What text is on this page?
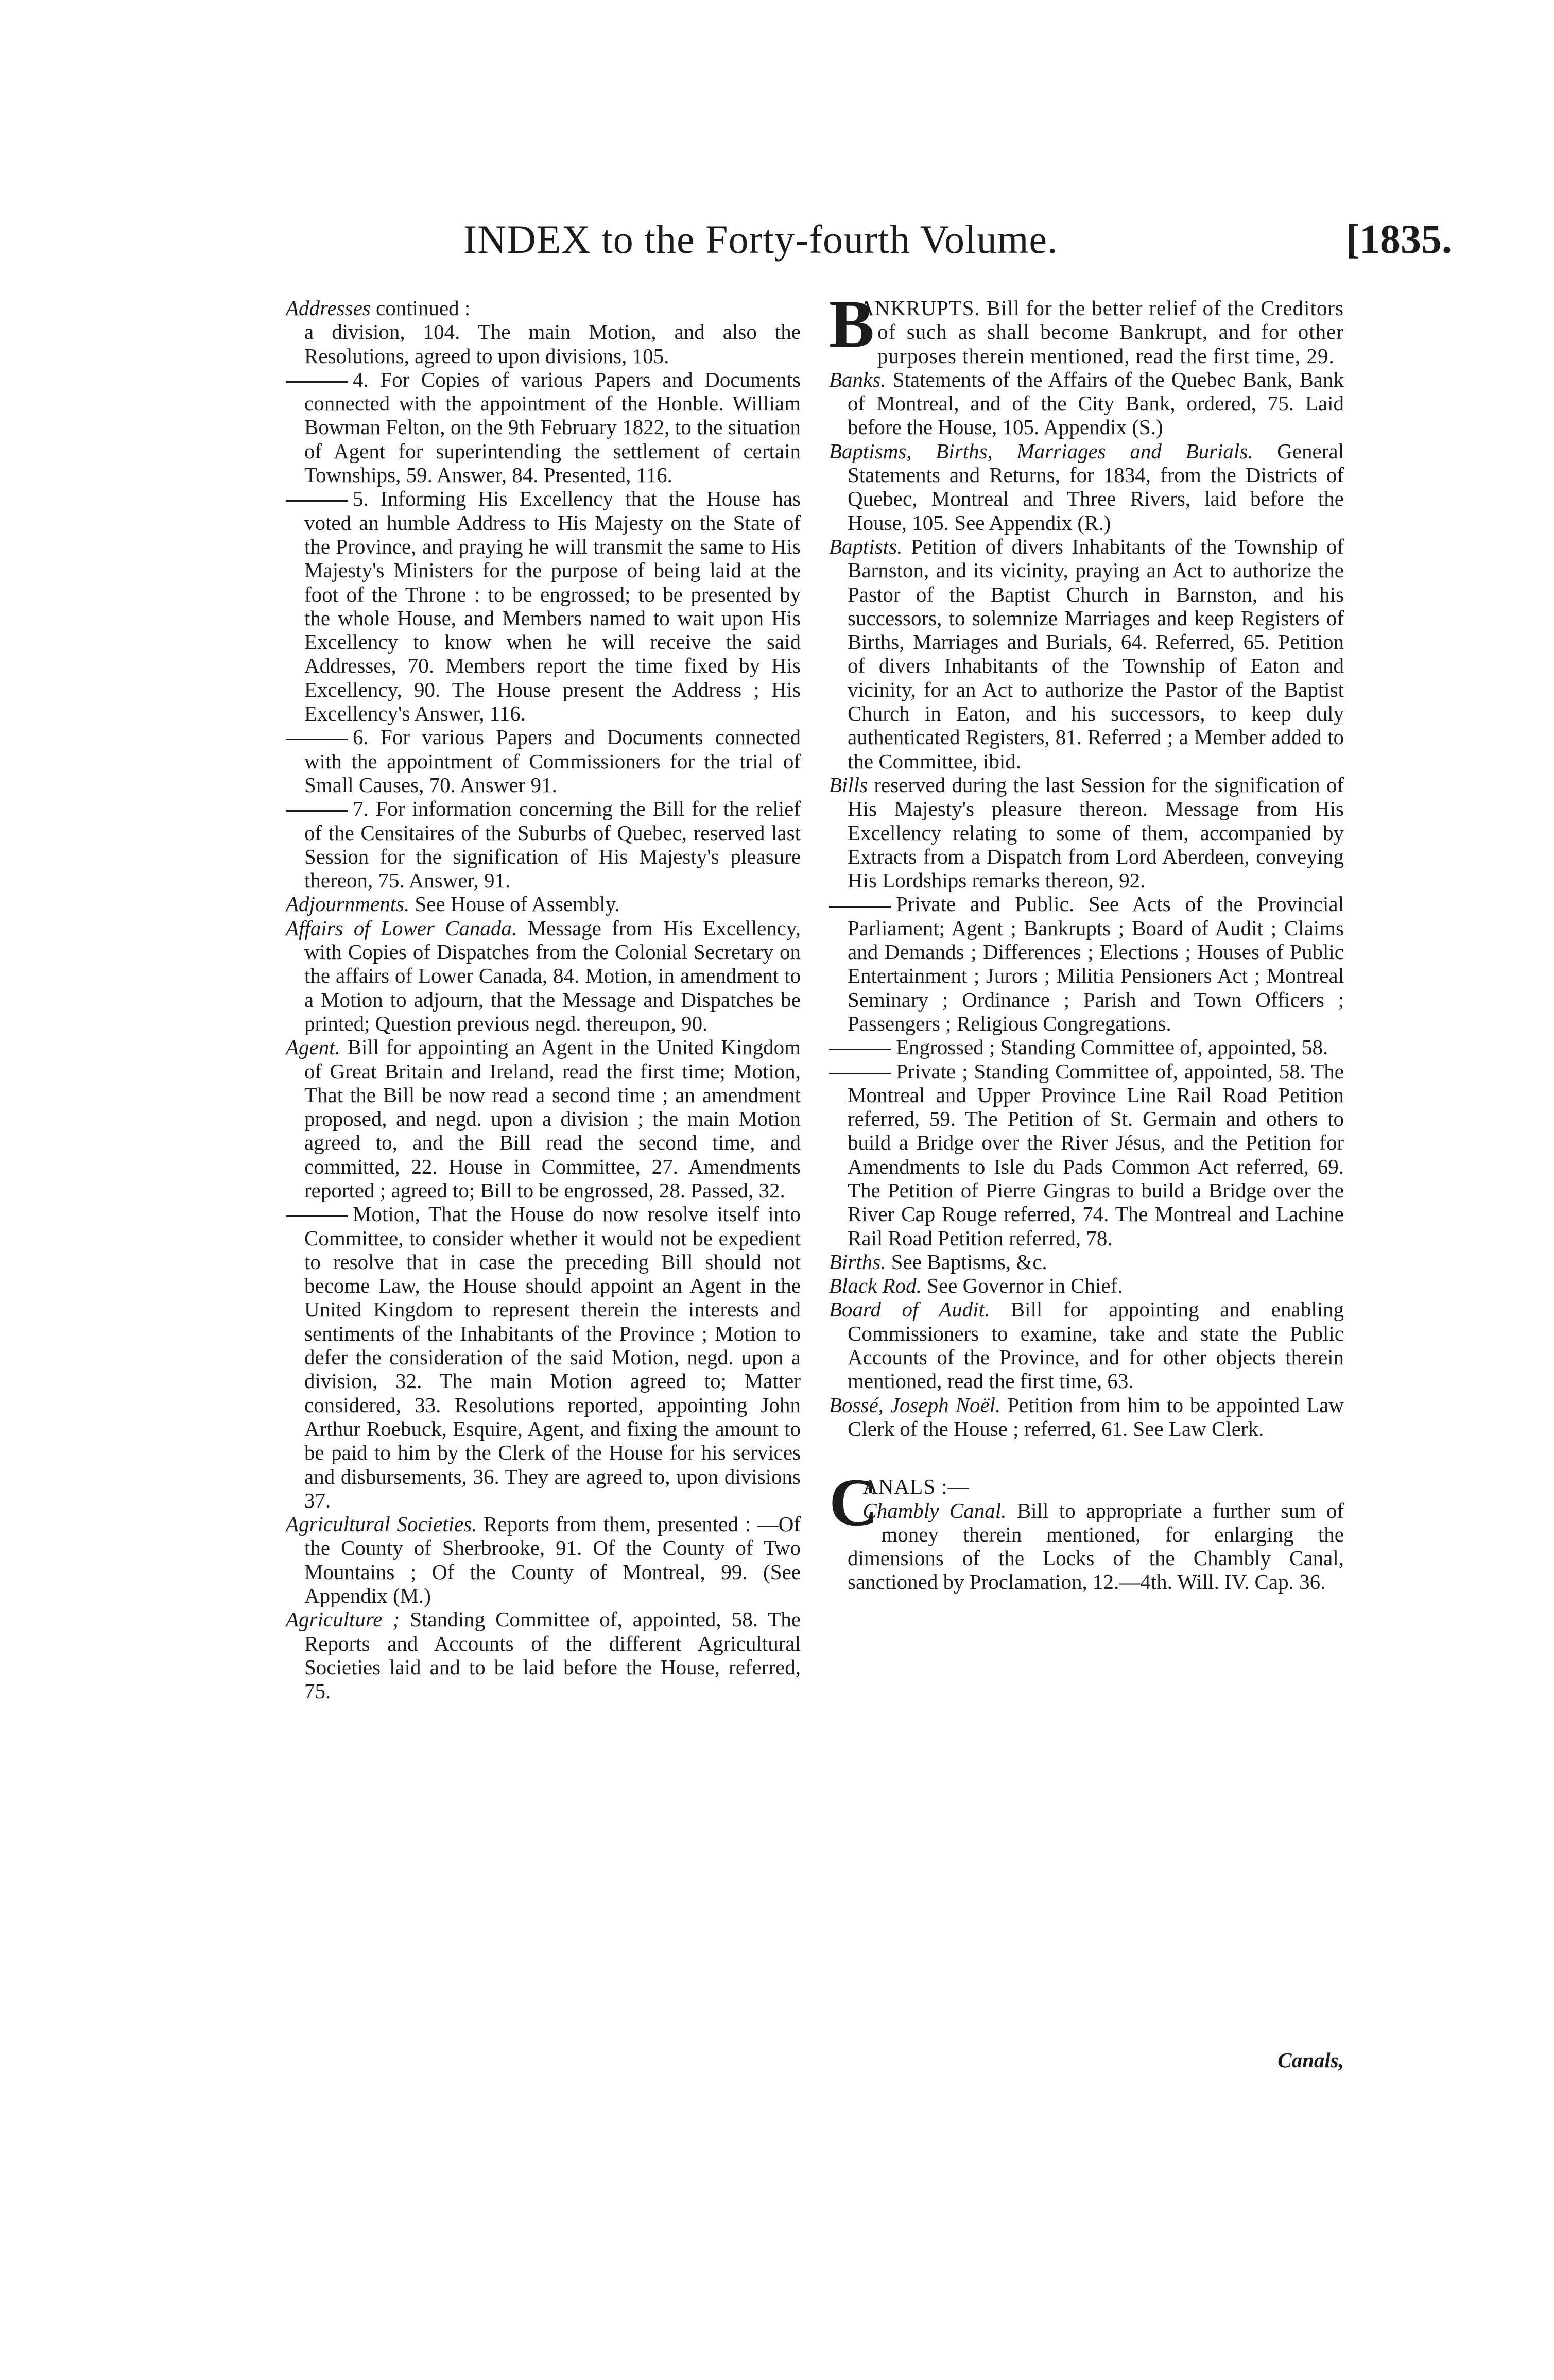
INDEX to the Forty-fourth Volume.	[1835.

Addresses continued :

a division, 104. The main Motion, and also the Resolutions, agreed to upon divisions, 105.

4. For Copies of various Papers and Documents connected with the appointment of the Honble. William Bowman Felton, on the 9th February 1822, to the situation of Agent for superintending the settlement of certain Townships, 59. Answer, 84. Presented, 116.

5. Informing His Excellency that the House has voted an humble Address to His Majesty on the State of the Province, and praying he will transmit the same to His Majesty's Ministers for the purpose of being laid at the foot of the Throne : to be engrossed; to be presented by the whole House, and Members named to wait upon His Excellency to know when he will receive the said Addresses, 70. Members report the time fixed by His Excellency, 90. The House present the Address ; His Excellency's Answer, 116.

6. For various Papers and Documents connected with the appointment of Commissioners for the trial of Small Causes, 70. Answer 91.

7. For information concerning the Bill for the relief of the Censitaires of the Suburbs of Quebec, reserved last Session for the signification of His Majesty's pleasure thereon, 75. Answer, 91.

Adjournments. See House of Assembly.

Affairs of Lower Canada. Message from His Excellency, with Copies of Dispatches from the Colonial Secretary on the affairs of Lower Canada, 84. Motion, in amendment to a Motion to adjourn, that the Message and Dispatches be printed; Question previous negd. thereupon, 90.

Agent. Bill for appointing an Agent in the United Kingdom of Great Britain and Ireland, read the first time; Motion, That the Bill be now read a second time ; an amendment proposed, and negd. upon a division ; the main Motion agreed to, and the Bill read the second time, and committed, 22. House in Committee, 27. Amendments reported ; agreed to; Bill to be engrossed, 28. Passed, 32.

Motion, That the House do now resolve itself into Committee, to consider whether it would not be expedient to resolve that in case the preceding Bill should not become Law, the House should appoint an Agent in the United Kingdom to represent therein the interests and sentiments of the Inhabitants of the Province ; Motion to defer the consideration of the said Motion, negd. upon a division, 32. The main Motion agreed to; Matter considered, 33. Resolutions reported, appointing John Arthur Roebuck, Esquire, Agent, and fixing the amount to be paid to him by the Clerk of the House for his services and disbursements, 36. They are agreed to, upon divisions 37.

Agricultural Societies. Reports from them, presented : —Of the County of Sherbrooke, 91. Of the County of Two Mountains ; Of the County of Montreal, 99. (See Appendix (M.)

Agriculture ; Standing Committee of, appointed, 58. The Reports and Accounts of the different Agricultural Societies laid and to be laid before the House, referred, 75.

B
ANKRUPTS. Bill for the better relief of the Creditors of such as shall become Bankrupt, and for other purposes therein mentioned, read the first time, 29.

Banks. Statements of the Affairs of the Quebec Bank, Bank of Montreal, and of the City Bank, ordered, 75. Laid before the House, 105. Appendix (S.)

Baptisms, Births, Marriages and Burials. General Statements and Returns, for 1834, from the Districts of Quebec, Montreal and Three Rivers, laid before the House, 105. See Appendix (R.)

Baptists. Petition of divers Inhabitants of the Township of Barnston, and its vicinity, praying an Act to authorize the Pastor of the Baptist Church in Barnston, and his successors, to solemnize Marriages and keep Registers of Births, Marriages and Burials, 64. Referred, 65. Petition of divers Inhabitants of the Township of Eaton and vicinity, for an Act to authorize the Pastor of the Baptist Church in Eaton, and his successors, to keep duly authenticated Registers, 81. Referred ; a Member added to the Committee, ibid.

Bills reserved during the last Session for the signification of His Majesty's pleasure thereon. Message from His Excellency relating to some of them, accompanied by Extracts from a Dispatch from Lord Aberdeen, conveying His Lordships remarks thereon, 92.

Private and Public. See Acts of the Provincial Parliament; Agent ; Bankrupts ; Board of Audit ; Claims and Demands ; Differences ; Elections ; Houses of Public Entertainment ; Jurors ; Militia Pensioners Act ; Montreal Seminary ; Ordinance ; Parish and Town Officers ; Passengers ; Religious Congregations.

Engrossed ; Standing Committee of, appointed, 58.

Private ; Standing Committee of, appointed, 58. The Montreal and Upper Province Line Rail Road Petition referred, 59. The Petition of St. Germain and others to build a Bridge over the River Jésus, and the Petition for Amendments to Isle du Pads Common Act referred, 69. The Petition of Pierre Gingras to build a Bridge over the River Cap Rouge referred, 74. The Montreal and Lachine Rail Road Petition referred, 78.

Births. See Baptisms, &c.

Black Rod. See Governor in Chief.

Board of Audit. Bill for appointing and enabling Commissioners to examine, take and state the Public Accounts of the Province, and for other objects therein mentioned, read the first time, 63.

Bossé, Joseph Noël. Petition from him to be appointed Law Clerk of the House ; referred, 61. See Law Clerk.

C
ANALS :—

Chambly Canal. Bill to appropriate a further sum of money therein mentioned, for enlarging the dimensions of the Locks of the Chambly Canal, sanctioned by Proclamation, 12.—4th. Will. IV. Cap. 36.

Canals,
